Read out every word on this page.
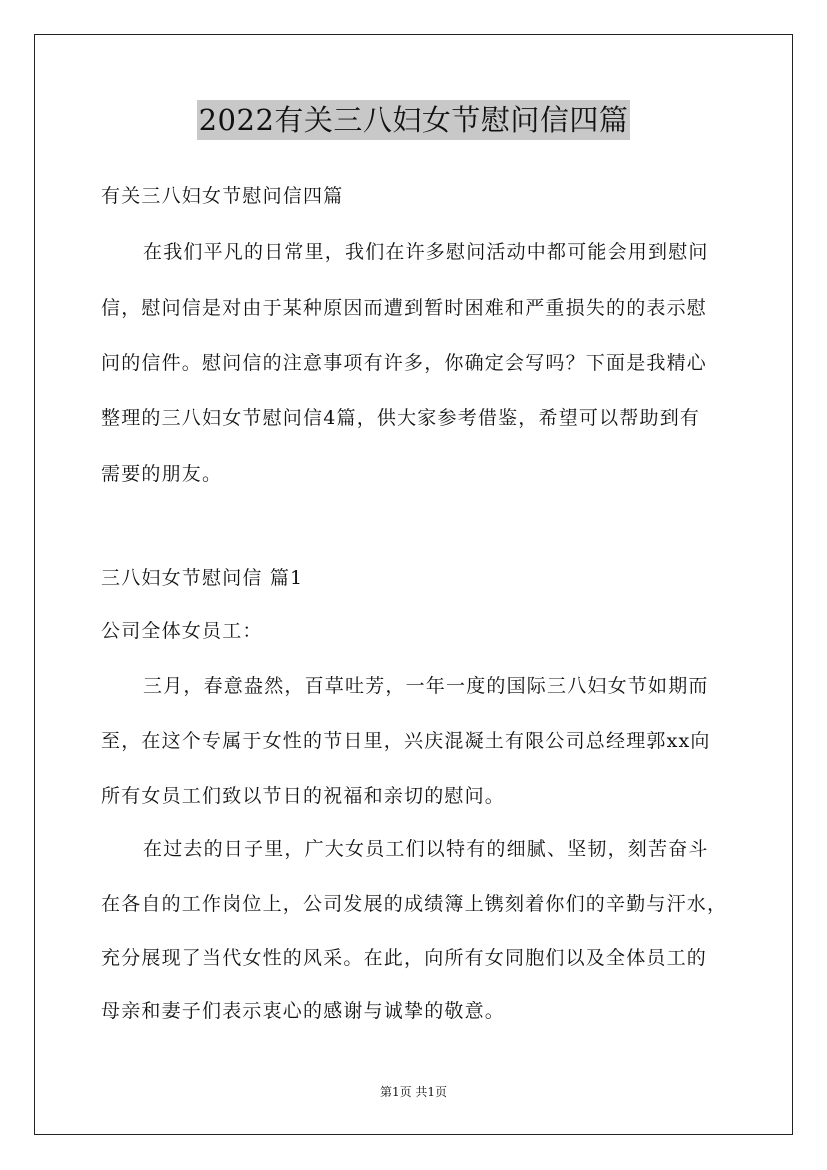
2022有关三八妇女节慰问信四篇
有关三八妇女节慰问信四篇
在我们平凡的日常里，我们在许多慰问活动中都可能会用到慰问
信，慰问信是对由于某种原因而遭到暂时困难和严重损失的的表示慰
问的信件。慰问信的注意事项有许多，你确定会写吗？下面是我精心
整理的三八妇女节慰问信4篇，供大家参考借鉴，希望可以帮助到有
需要的朋友。
三八妇女节慰问信 篇1
公司全体女员工：
三月，春意盎然，百草吐芳，一年一度的国际三八妇女节如期而
至，在这个专属于女性的节日里，兴庆混凝土有限公司总经理郭xx向
所有女员工们致以节日的祝福和亲切的慰问。
在过去的日子里，广大女员工们以特有的细腻、坚韧，刻苦奋斗
在各自的工作岗位上，公司发展的成绩簿上镌刻着你们的辛勤与汗水，
充分展现了当代女性的风采。在此，向所有女同胞们以及全体员工的
母亲和妻子们表示衷心的感谢与诚挚的敬意。
第1页 共1页
